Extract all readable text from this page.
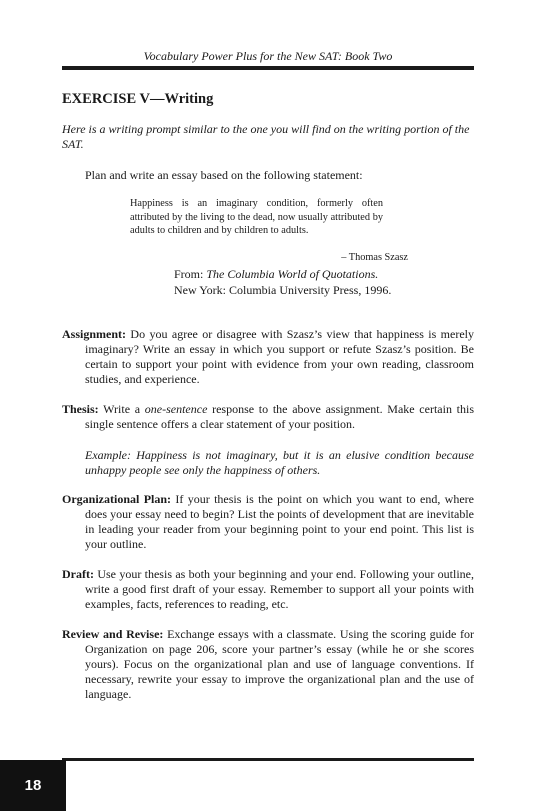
Vocabulary Power Plus for the New SAT: Book Two
EXERCISE V—Writing

Here is a writing prompt similar to the one you will find on the writing portion of the SAT.

Plan and write an essay based on the following statement:

Happiness is an imaginary condition, formerly often attributed by the living to the dead, now usually attributed by adults to children and by children to adults.

– Thomas Szasz

From: The Columbia World of Quotations.
New York: Columbia University Press, 1996.

Assignment: Do you agree or disagree with Szasz’s view that happiness is merely imaginary? Write an essay in which you support or refute Szasz’s position. Be certain to support your point with evidence from your own reading, classroom studies, and experience.

Thesis: Write a one-sentence response to the above assignment. Make certain this single sentence offers a clear statement of your position.

Example: Happiness is not imaginary, but it is an elusive condition because unhappy people see only the happiness of others.

Organizational Plan: If your thesis is the point on which you want to end, where does your essay need to begin? List the points of development that are inevitable in leading your reader from your beginning point to your end point. This list is your outline.

Draft: Use your thesis as both your beginning and your end. Following your outline, write a good first draft of your essay. Remember to support all your points with examples, facts, references to reading, etc.

Review and Revise: Exchange essays with a classmate. Using the scoring guide for Organization on page 206, score your partner’s essay (while he or she scores yours). Focus on the organizational plan and use of language conventions. If necessary, rewrite your essay to improve the organizational plan and the use of language.

18
